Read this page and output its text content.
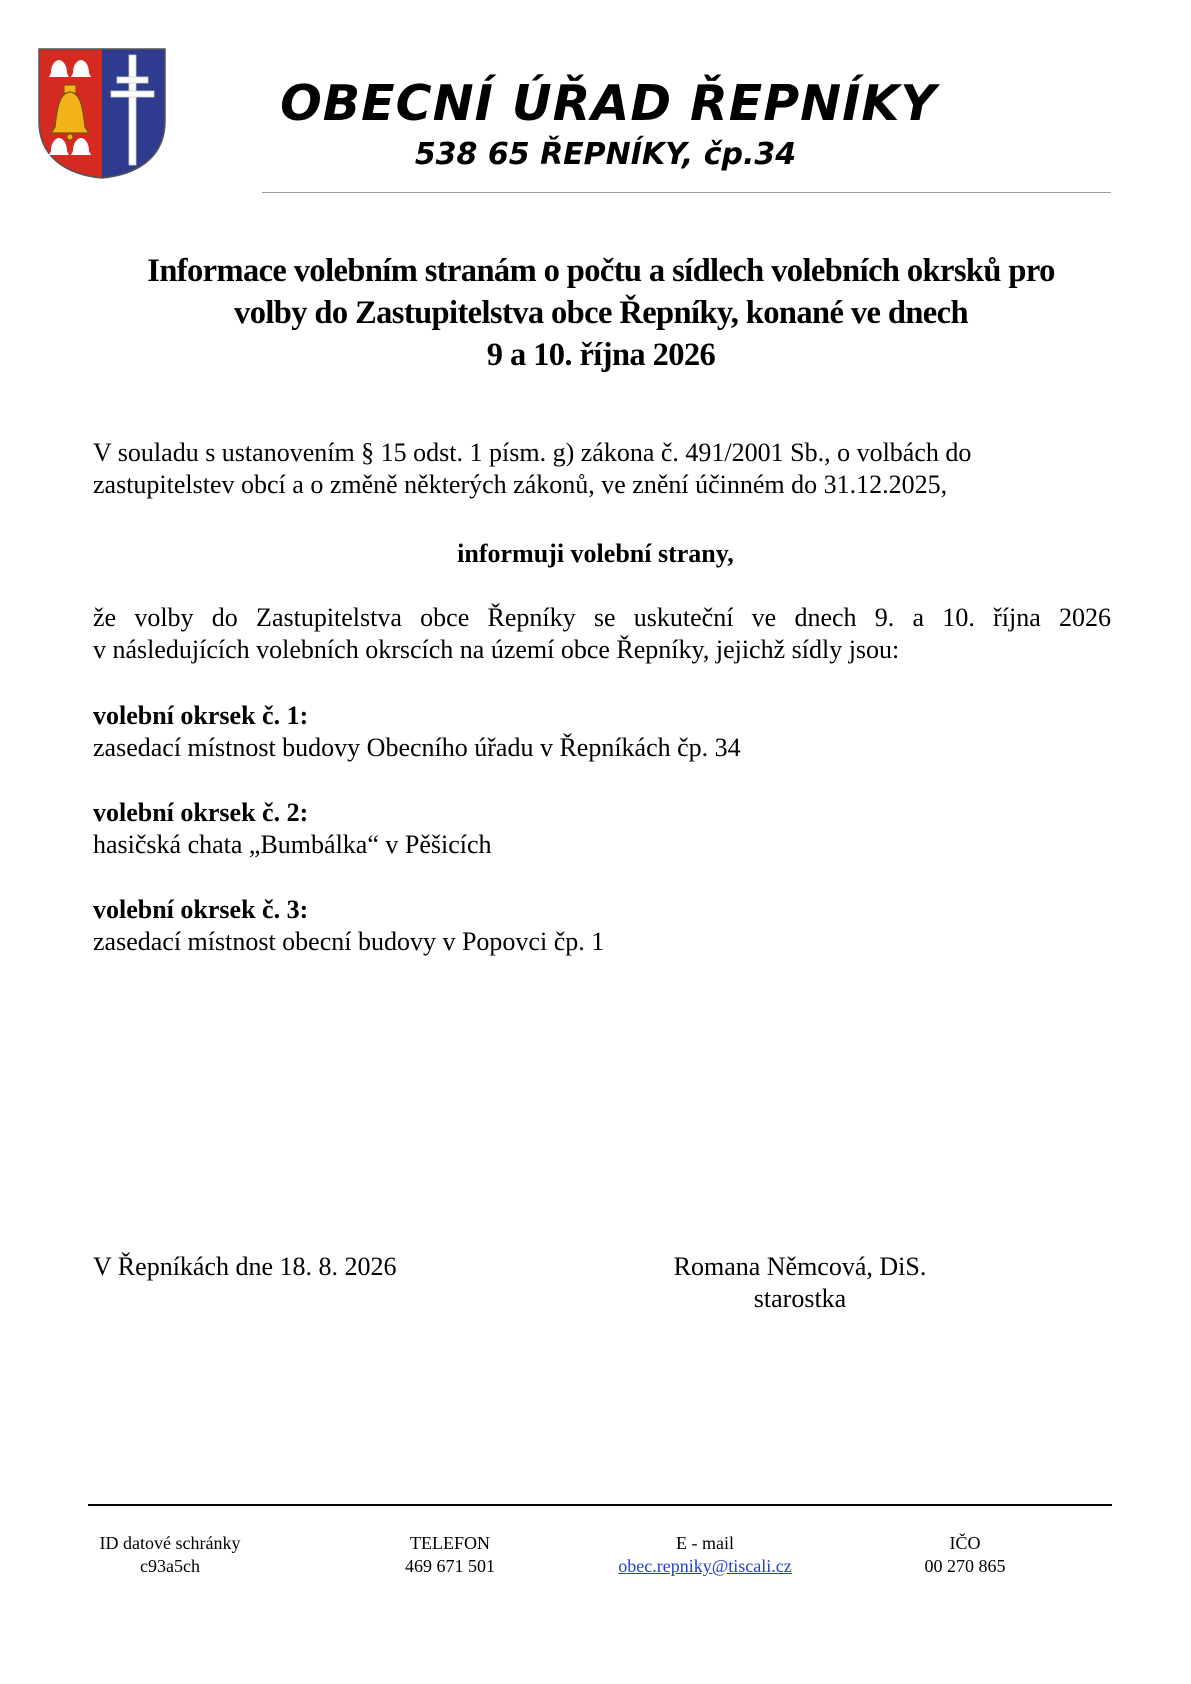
OBECNÍ ÚŘAD ŘEPNÍKY
538 65 ŘEPNÍKY, čp.34
Informace volebním stranám o počtu a sídlech volebních okrsků pro
volby do Zastupitelstva obce Řepníky, konané ve dnech
9 a 10. října 2026
V souladu s ustanovením § 15 odst. 1 písm. g) zákona č. 491/2001 Sb., o volbách do
zastupitelstev obcí a o změně některých zákonů, ve znění účinném do 31.12.2025,
informuji volební strany,
že volby do Zastupitelstva obce Řepníky se uskuteční ve dnech 9. a 10. října 2026
v následujících volebních okrscích na území obce Řepníky, jejichž sídly jsou:
volební okrsek č. 1:
zasedací místnost budovy Obecního úřadu v Řepníkách čp. 34
volební okrsek č. 2:
hasičská chata „Bumbálka“ v Pěšicích
volební okrsek č. 3:
zasedací místnost obecní budovy v Popovci čp. 1
V Řepníkách dne 18. 8. 2026	Romana Němcová, DiS.
starostka
ID datové schránky
c93a5ch
TELEFON
469 671 501
E - mail
obec.repniky@tiscali.cz
IČO
00 270 865
